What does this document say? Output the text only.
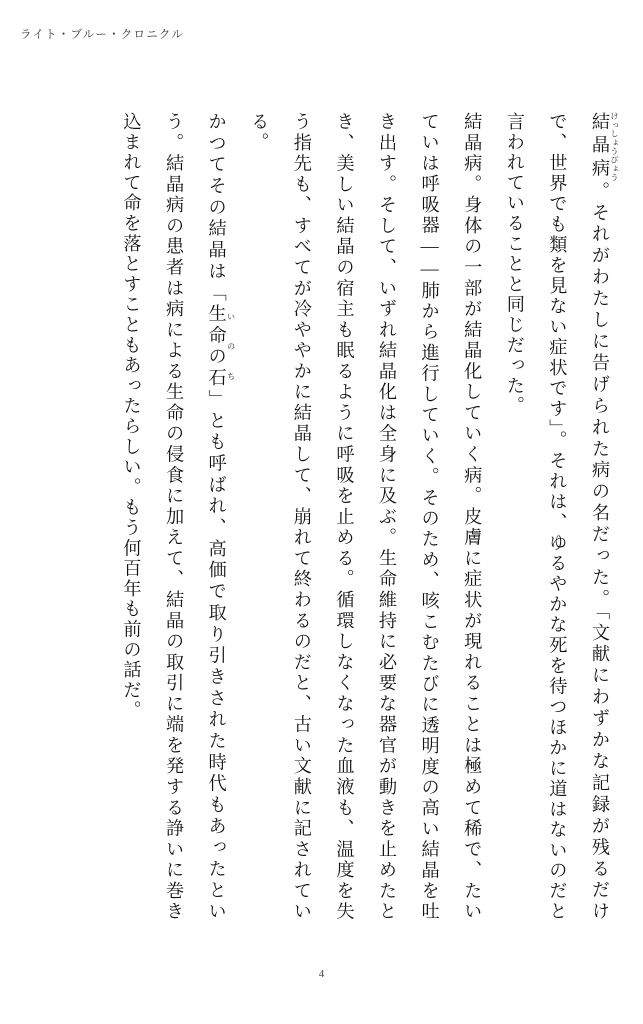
ライト・ブルー・クロニクル
結晶病 けっしょうびょう。それがわたしに告げられた病の名だった。「文献にわずかな記録が残るだけで、世界でも類を見ない症状です」。それは、ゆるやかな死を待つほかに道はないのだと言われていることと同じだった。
結晶病。身体の一部が結晶化していく病。皮膚に症状が現れることは極めて稀で、たいていは呼吸器——肺から進行していく。そのため、咳こむたびに透明度の高い結晶を吐き出す。そして、いずれ結晶化は全身に及ぶ。生命維持に必要な器官が動きを止めたとき、美しい結晶の宿主も眠るように呼吸を止める。循環しなくなった血液も、温度を失う指先も、すべてが冷ややかに結晶して、崩れて終わるのだと、古い文献に記されている。
かつてその結晶は「生命の石 いのち」とも呼ばれ、高価で取り引きされた時代もあったという。結晶病の患者は病による生命の侵食に加えて、結晶の取引に端を発する諍いに巻き込まれて命を落とすこともあったらしい。もう何百年も前の話だ。
4
